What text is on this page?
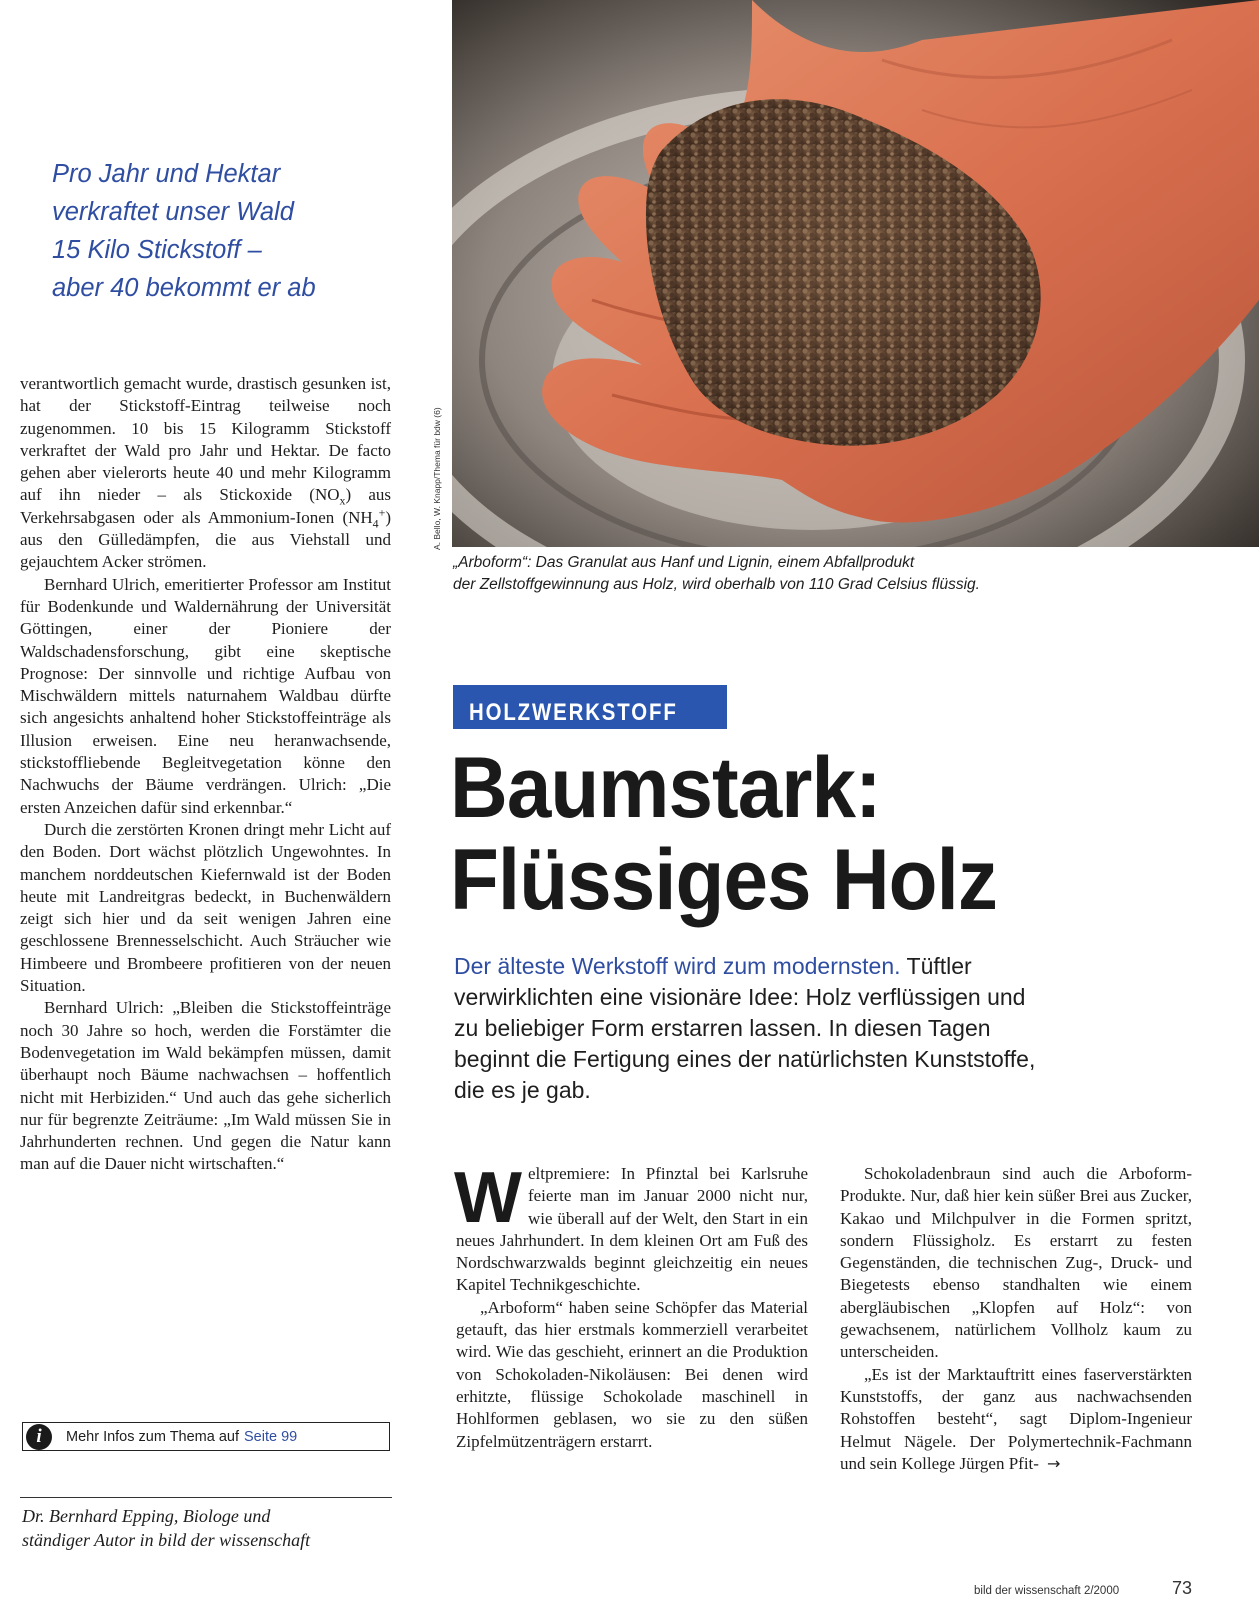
Pro Jahr und Hektar
verkraftet unser Wald
15 Kilo Stickstoff –
aber 40 bekommt er ab

verantwortlich gemacht wurde, drastisch gesunken ist, hat der Stickstoff-Eintrag teilweise noch zugenommen. 10 bis 15 Kilogramm Stickstoff verkraftet der Wald pro Jahr und Hektar. De facto gehen aber vielerorts heute 40 und mehr Kilogramm auf ihn nieder – als Stickoxide $(NO_x)$ aus Verkehrsabgasen oder als Ammonium-Ionen $(NH_4^+)$ aus den Gülledämpfen, die aus Viehstall und gejauchtem Acker strömen.

Bernhard Ulrich, emeritierter Professor am Institut für Bodenkunde und Waldernährung der Universität Göttingen, einer der Pioniere der Waldschadensforschung, gibt eine skeptische Prognose: Der sinnvolle und richtige Aufbau von Mischwäldern mittels naturnahem Waldbau dürfte sich angesichts anhaltend hoher Stickstoffeinträge als Illusion erweisen. Eine neu heranwachsende, stickstoffliebende Begleitvegetation könne den Nachwuchs der Bäume verdrängen. Ulrich: „Die ersten Anzeichen dafür sind erkennbar.“

Durch die zerstörten Kronen dringt mehr Licht auf den Boden. Dort wächst plötzlich Ungewohntes. In manchem norddeutschen Kiefernwald ist der Boden heute mit Landreitgras bedeckt, in Buchenwäldern zeigt sich hier und da seit wenigen Jahren eine geschlossene Brennesselschicht. Auch Sträucher wie Himbeere und Brombeere profitieren von der neuen Situation.

Bernhard Ulrich: „Bleiben die Stickstoffeinträge noch 30 Jahre so hoch, werden die Forstämter die Bodenvegetation im Wald bekämpfen müssen, damit überhaupt noch Bäume nachwachsen – hoffentlich nicht mit Herbiziden.“ Und auch das gehe sicherlich nur für begrenzte Zeiträume: „Im Wald müssen Sie in Jahrhunderten rechnen. Und gegen die Natur kann man auf die Dauer nicht wirtschaften.“

i	Mehr Infos zum Thema auf Seite 99
Dr. Bernhard Epping, Biologe und
ständiger Autor in bild der wissenschaft
A. Bello, W. Knapp/Thema für bdw (6)
„Arboform“: Das Granulat aus Hanf und Lignin, einem Abfallprodukt
der Zellstoffgewinnung aus Holz, wird oberhalb von 110 Grad Celsius flüssig.
HOLZWERKSTOFF
Baumstark:
Flüssiges Holz
Der älteste Werkstoff wird zum modernsten. Tüftler
verwirklichten eine visionäre Idee: Holz verflüssigen und
zu beliebiger Form erstarren lassen. In diesen Tagen
beginnt die Fertigung eines der natürlichsten Kunststoffe,
die es je gab.

Weltpremiere: In Pfinztal bei Karlsruhe feierte man im Januar 2000 nicht nur, wie überall auf der Welt, den Start in ein neues Jahrhundert. In dem kleinen Ort am Fuß des Nordschwarzwalds beginnt gleichzeitig ein neues Kapitel Technikgeschichte.

„Arboform“ haben seine Schöpfer das Material getauft, das hier erstmals kommerziell verarbeitet wird. Wie das geschieht, erinnert an die Produktion von Schokoladen-Nikoläusen: Bei denen wird erhitzte, flüssige Schokolade maschinell in Hohlformen geblasen, wo sie zu den süßen Zipfelmützenträgern erstarrt.

Schokoladenbraun sind auch die Arboform-Produkte. Nur, daß hier kein süßer Brei aus Zucker, Kakao und Milchpulver in die Formen spritzt, sondern Flüssigholz. Es erstarrt zu festen Gegenständen, die technischen Zug-, Druck- und Biegetests ebenso standhalten wie einem abergläubischen „Klopfen auf Holz“: von gewachsenem, natürlichem Vollholz kaum zu unterscheiden.

„Es ist der Marktauftritt eines faserverstärkten Kunststoffs, der ganz aus nachwachsenden Rohstoffen besteht“, sagt Diplom-Ingenieur Helmut Nägele. Der Polymertechnik-Fachmann und sein Kollege Jürgen Pfit- →

bild der wissenschaft 2/2000	73
